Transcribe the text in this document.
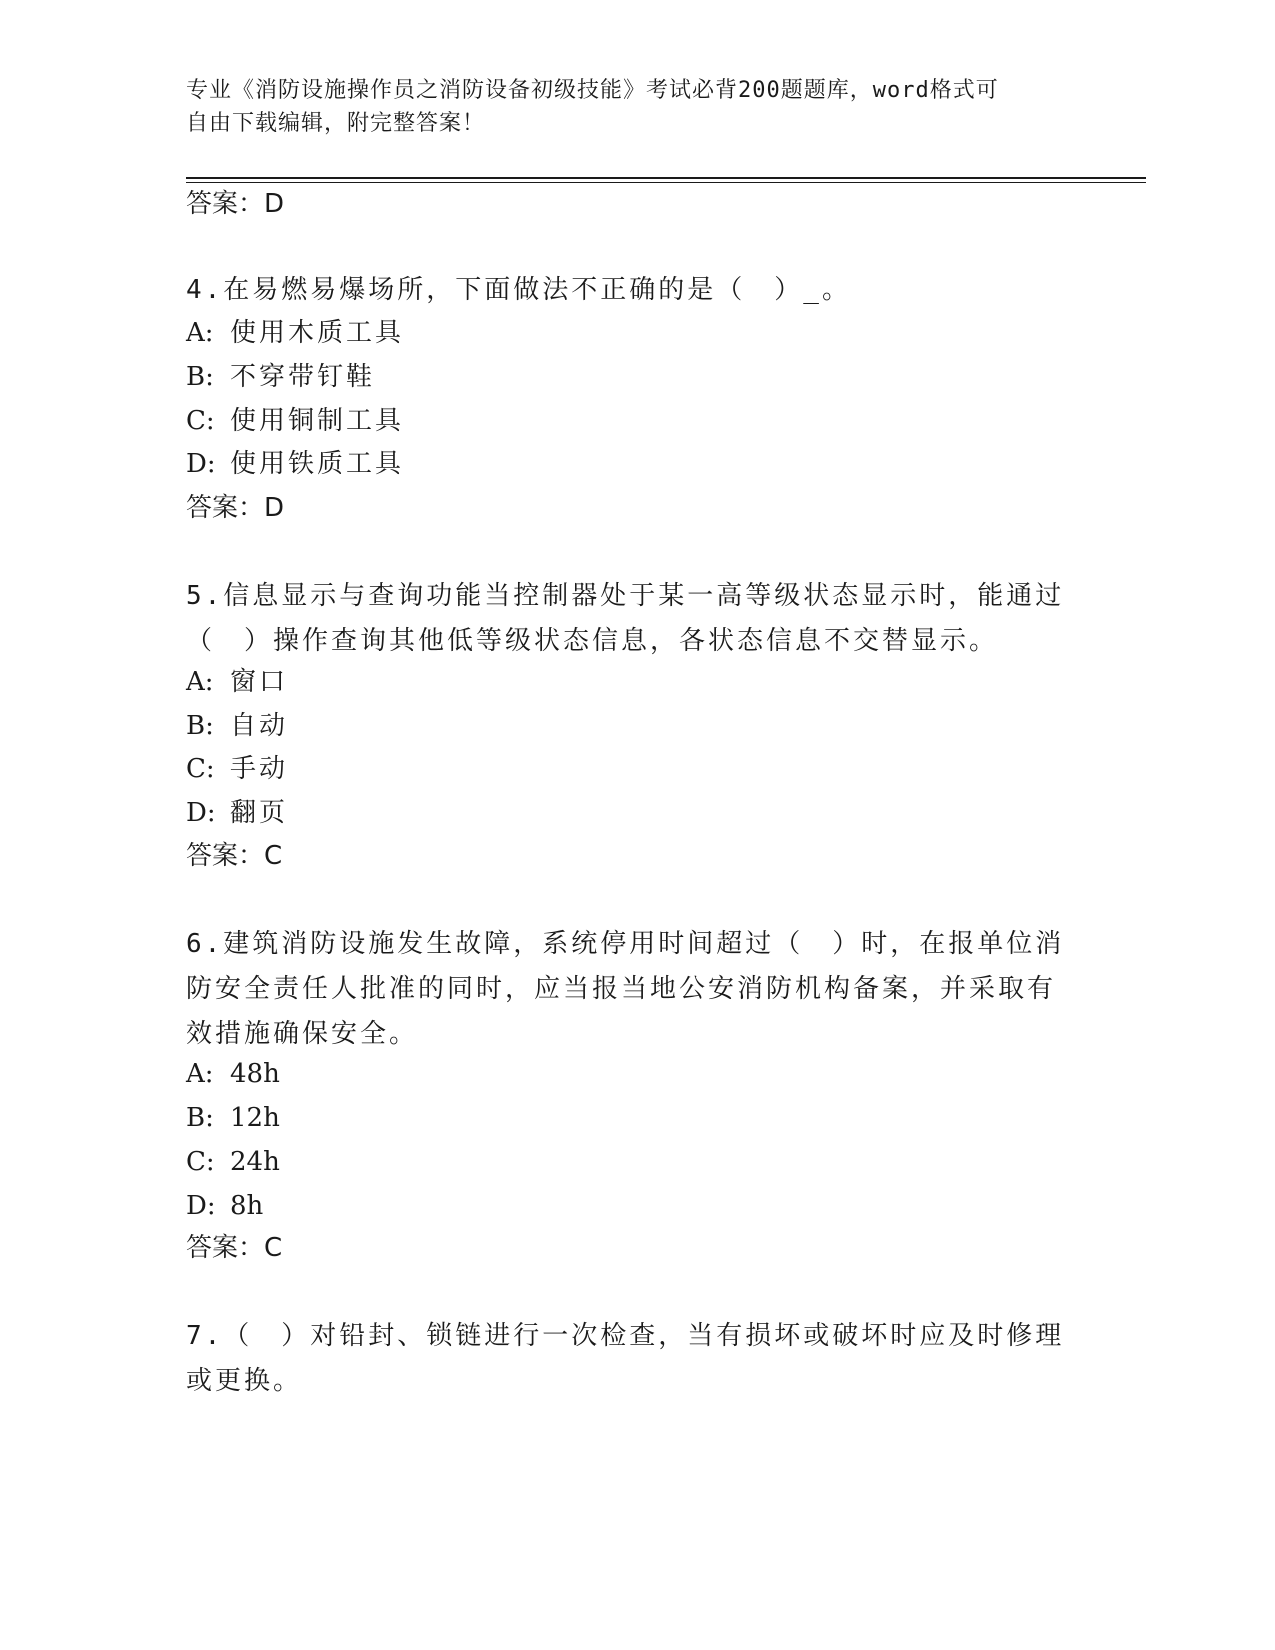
专业《消防设施操作员之消防设备初级技能》考试必背200题题库，word格式可
自由下载编辑，附完整答案！
答案：D
4.在易燃易爆场所，下面做法不正确的是（　）_。
A: 使用木质工具
B: 不穿带钉鞋
C: 使用铜制工具
D: 使用铁质工具
答案：D
5.信息显示与查询功能当控制器处于某一高等级状态显示时，能通过（　）操作查询其他低等级状态信息，各状态信息不交替显示。
A: 窗口
B: 自动
C: 手动
D: 翻页
答案：C
6.建筑消防设施发生故障，系统停用时间超过（　）时，在报单位消防安全责任人批准的同时，应当报当地公安消防机构备案，并采取有效措施确保安全。
A: 48h
B: 12h
C: 24h
D: 8h
答案：C
7.（　）对铅封、锁链进行一次检查，当有损坏或破坏时应及时修理或更换。
